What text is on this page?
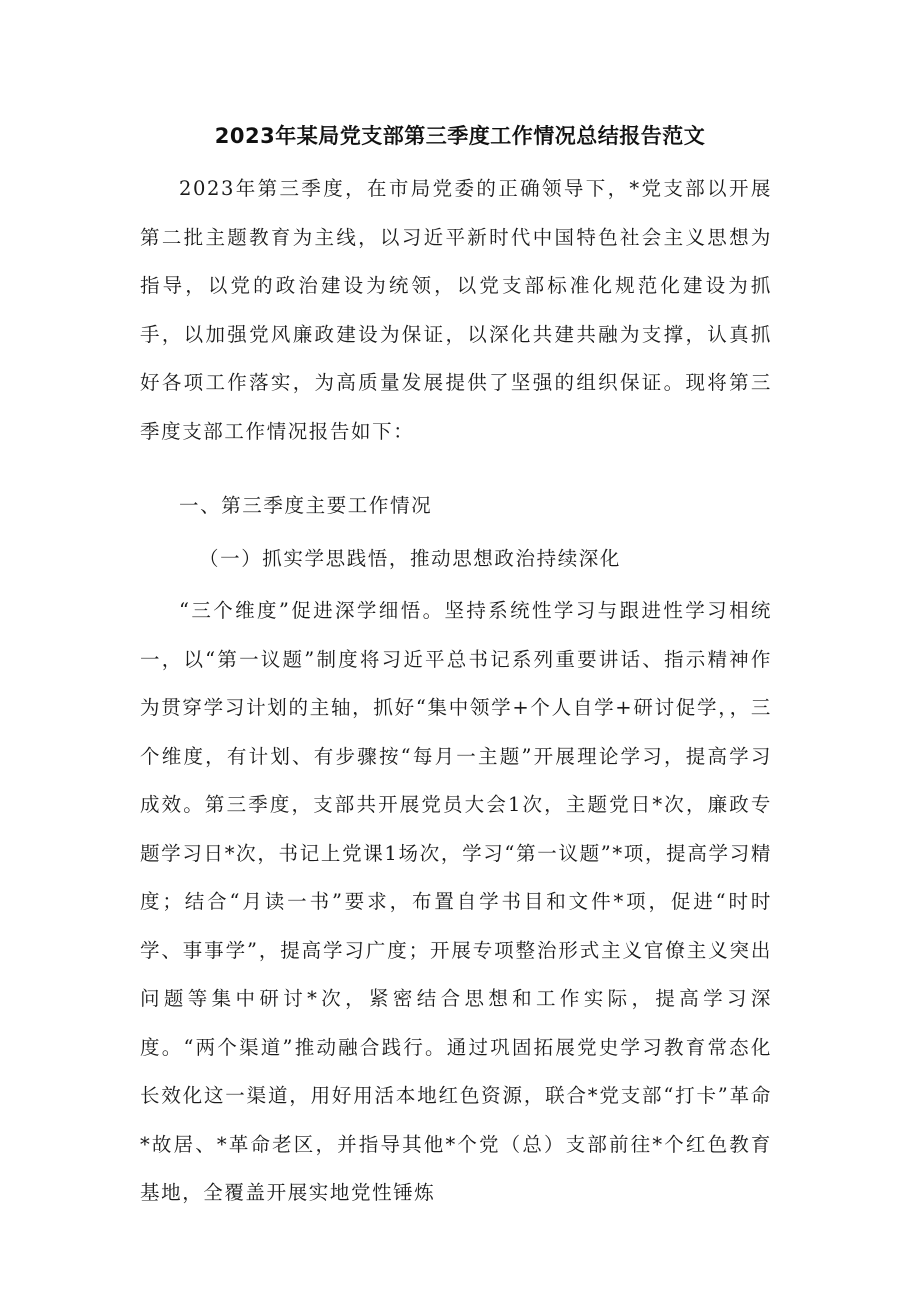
2023年某局党支部第三季度工作情况总结报告范文

2023年第三季度，在市局党委的正确领导下，*党支部以开展第二批主题教育为主线，以习近平新时代中国特色社会主义思想为指导，以党的政治建设为统领，以党支部标准化规范化建设为抓手，以加强党风廉政建设为保证，以深化共建共融为支撑，认真抓好各项工作落实，为高质量发展提供了坚强的组织保证。现将第三季度支部工作情况报告如下：

一、第三季度主要工作情况

（一）抓实学思践悟，推动思想政治持续深化

“三个维度”促进深学细悟。坚持系统性学习与跟进性学习相统一，以“第一议题”制度将习近平总书记系列重要讲话、指示精神作为贯穿学习计划的主轴，抓好“集中领学+个人自学+研讨促学，，三个维度，有计划、有步骤按“每月一主题”开展理论学习，提高学习成效。第三季度，支部共开展党员大会1次，主题党日*次，廉政专题学习日*次，书记上党课1场次，学习“第一议题”*项，提高学习精度；结合“月读一书”要求，布置自学书目和文件*项，促进“时时学、事事学”，提高学习广度；开展专项整治形式主义官僚主义突出问题等集中研讨*次，紧密结合思想和工作实际，提高学习深度。“两个渠道”推动融合践行。通过巩固拓展党史学习教育常态化长效化这一渠道，用好用活本地红色资源，联合*党支部“打卡”革命*故居、*革命老区，并指导其他*个党（总）支部前往*个红色教育基地，全覆盖开展实地党性锤炼
